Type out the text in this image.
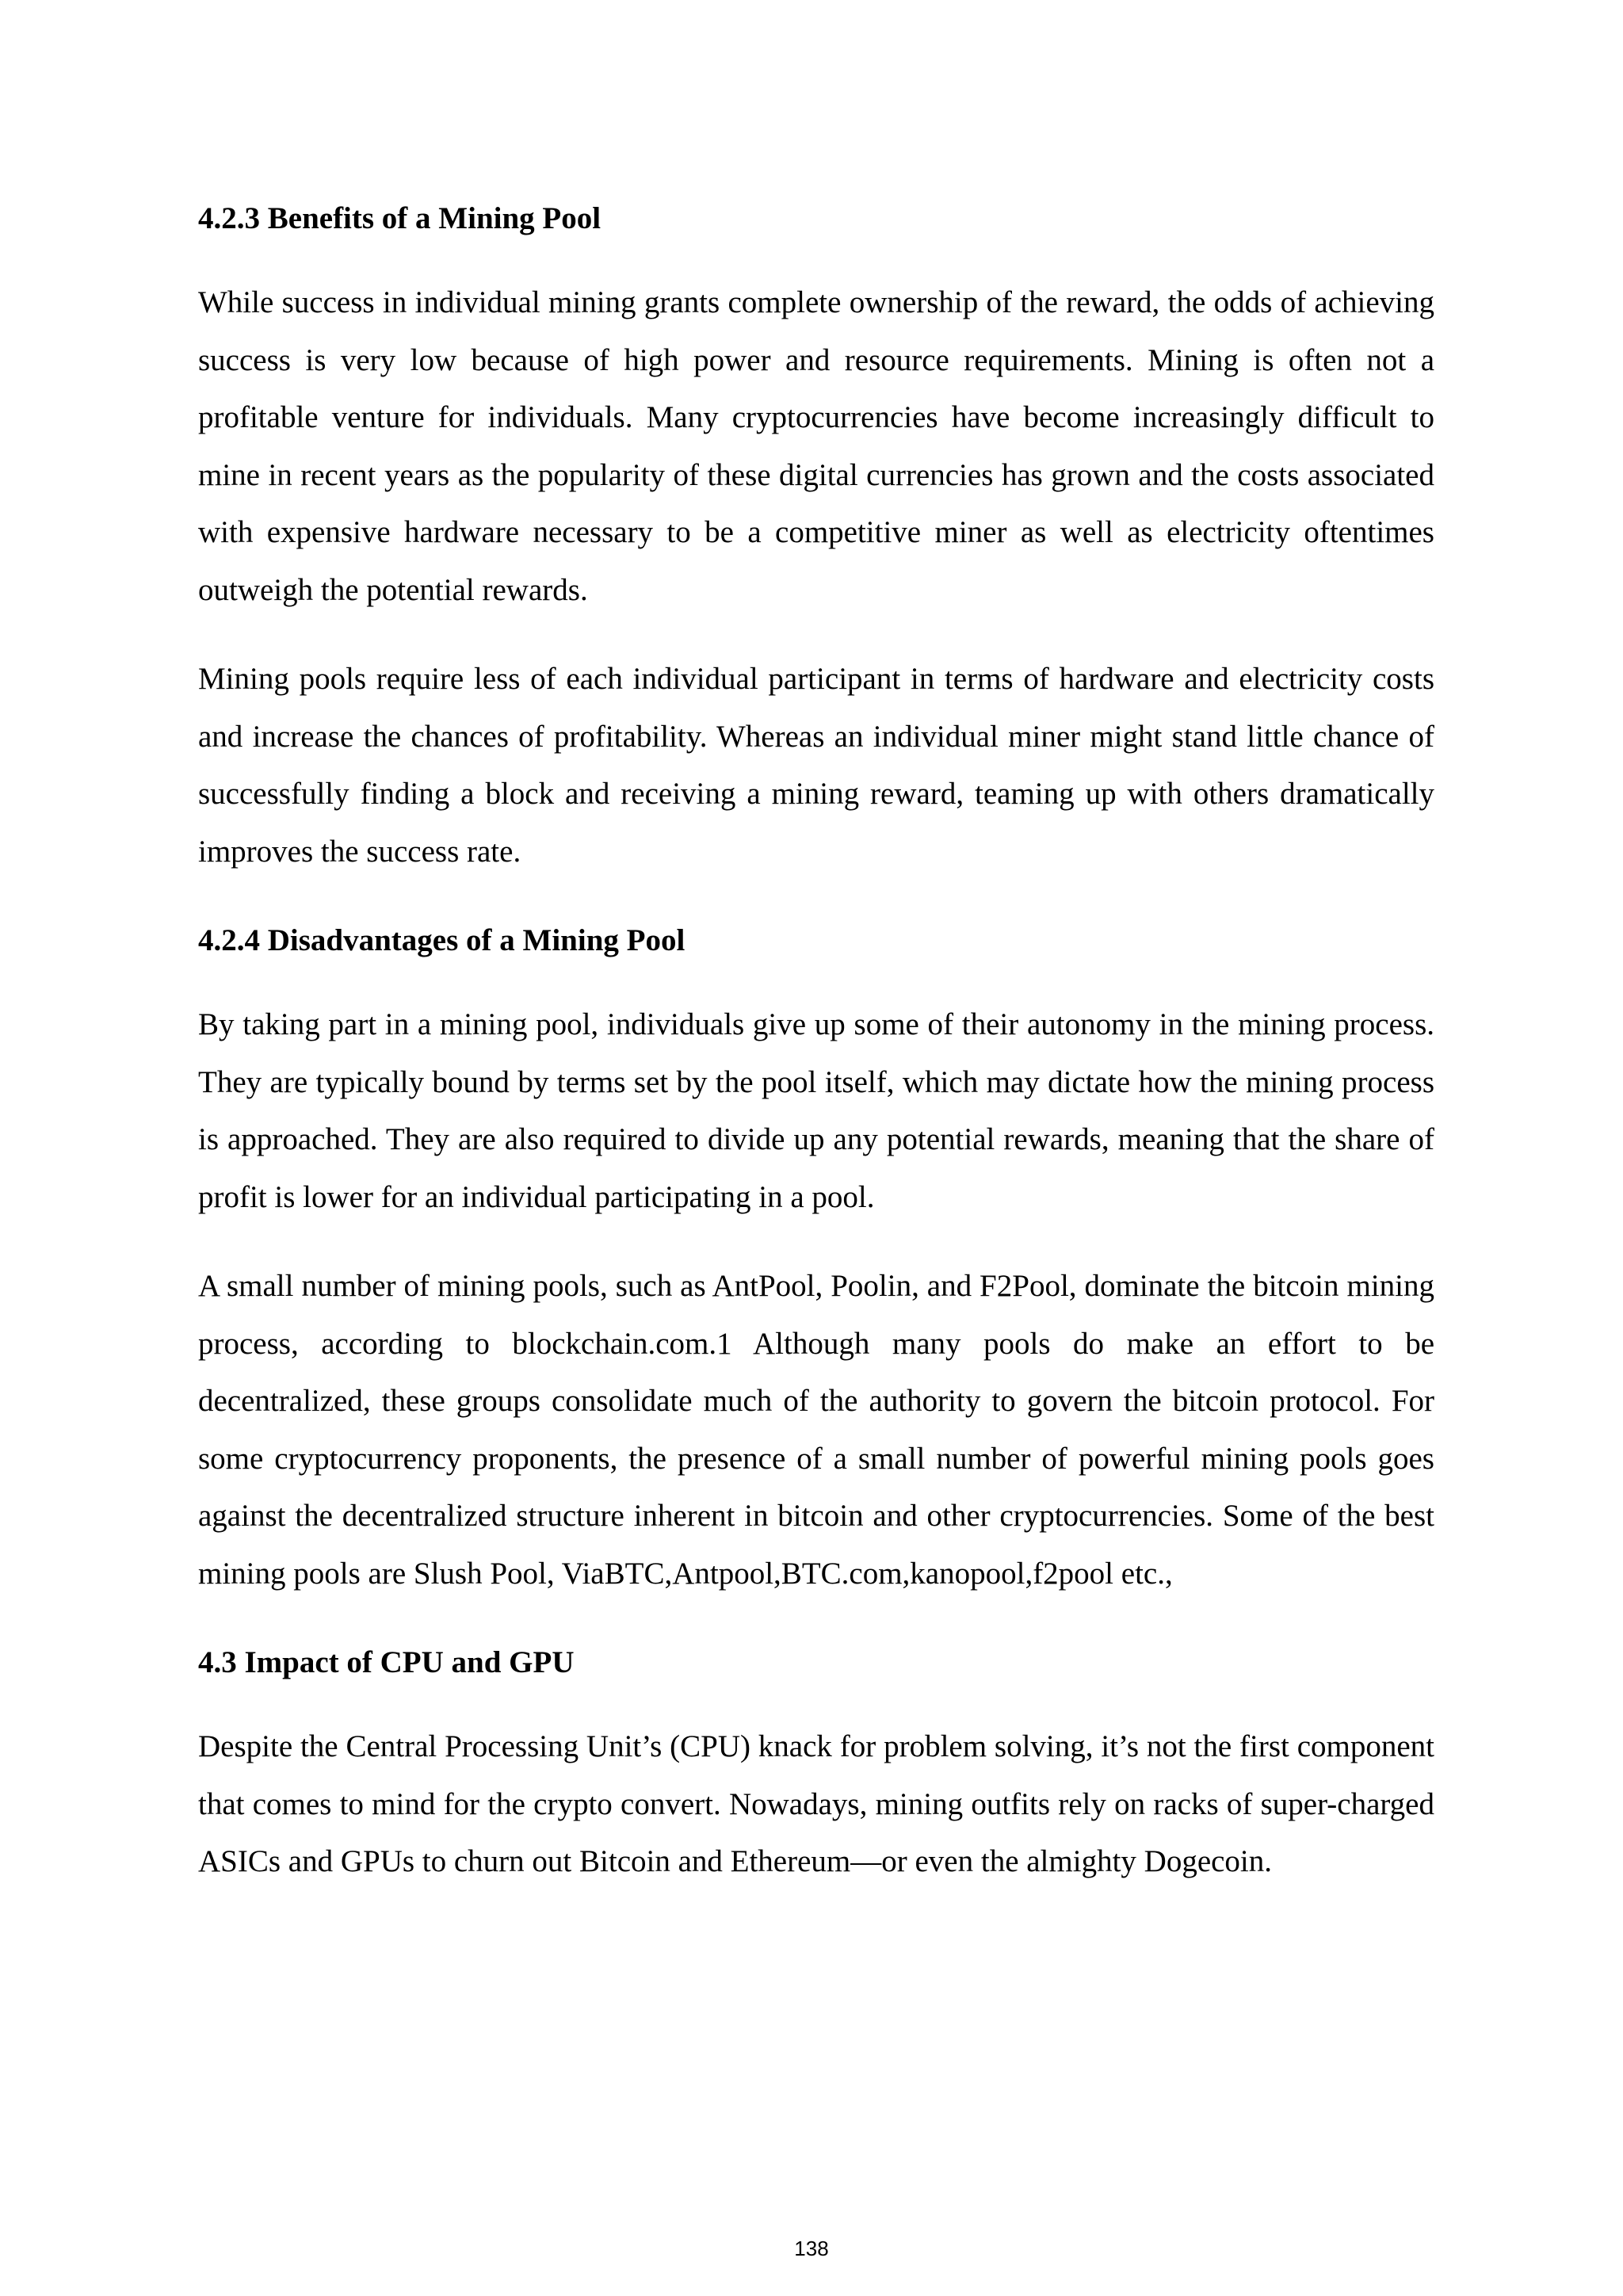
4.2.3 Benefits of a Mining Pool

While success in individual mining grants complete ownership of the reward, the odds of achieving success is very low because of high power and resource requirements. Mining is often not a profitable venture for individuals. Many cryptocurrencies have become increasingly difficult to mine in recent years as the popularity of these digital currencies has grown and the costs associated with expensive hardware necessary to be a competitive miner as well as electricity oftentimes outweigh the potential rewards.

Mining pools require less of each individual participant in terms of hardware and electricity costs and increase the chances of profitability. Whereas an individual miner might stand little chance of successfully finding a block and receiving a mining reward, teaming up with others dramatically improves the success rate.

4.2.4 Disadvantages of a Mining Pool

By taking part in a mining pool, individuals give up some of their autonomy in the mining process. They are typically bound by terms set by the pool itself, which may dictate how the mining process is approached. They are also required to divide up any potential rewards, meaning that the share of profit is lower for an individual participating in a pool.

A small number of mining pools, such as AntPool, Poolin, and F2Pool, dominate the bitcoin mining process, according to blockchain.com.1 Although many pools do make an effort to be decentralized, these groups consolidate much of the authority to govern the bitcoin protocol. For some cryptocurrency proponents, the presence of a small number of powerful mining pools goes against the decentralized structure inherent in bitcoin and other cryptocurrencies. Some of the best mining pools are Slush Pool, ViaBTC,Antpool,BTC.com,kanopool,f2pool etc.,

4.3 Impact of CPU and GPU

Despite the Central Processing Unit’s (CPU) knack for problem solving, it’s not the first component that comes to mind for the crypto convert. Nowadays, mining outfits rely on racks of super-charged ASICs and GPUs to churn out Bitcoin and Ethereum—or even the almighty Dogecoin.

138
